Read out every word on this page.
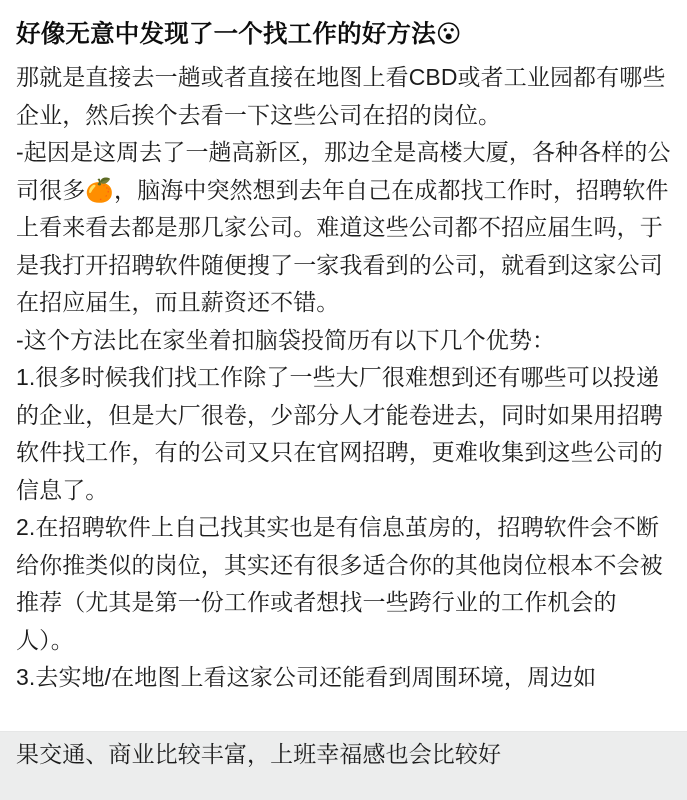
好像无意中发现了一个找工作的好方法😮

那就是直接去一趟或者直接在地图上看CBD或者工业园都有哪些企业，然后挨个去看一下这些公司在招的岗位。

-起因是这周去了一趟高新区，那边全是高楼大厦，各种各样的公司很多🍊，脑海中突然想到去年自己在成都找工作时，招聘软件上看来看去都是那几家公司。难道这些公司都不招应届生吗，于是我打开招聘软件随便搜了一家我看到的公司，就看到这家公司在招应届生，而且薪资还不错。

-这个方法比在家坐着扣脑袋投简历有以下几个优势：

1.很多时候我们找工作除了一些大厂很难想到还有哪些可以投递的企业，但是大厂很卷，少部分人才能卷进去，同时如果用招聘软件找工作，有的公司又只在官网招聘，更难收集到这些公司的信息了。

2.在招聘软件上自己找其实也是有信息茧房的，招聘软件会不断给你推类似的岗位，其实还有很多适合你的其他岗位根本不会被推荐（尤其是第一份工作或者想找一些跨行业的工作机会的人）。

3.去实地/在地图上看这家公司还能看到周围环境，周边如

果交通、商业比较丰富，上班幸福感也会比较好
